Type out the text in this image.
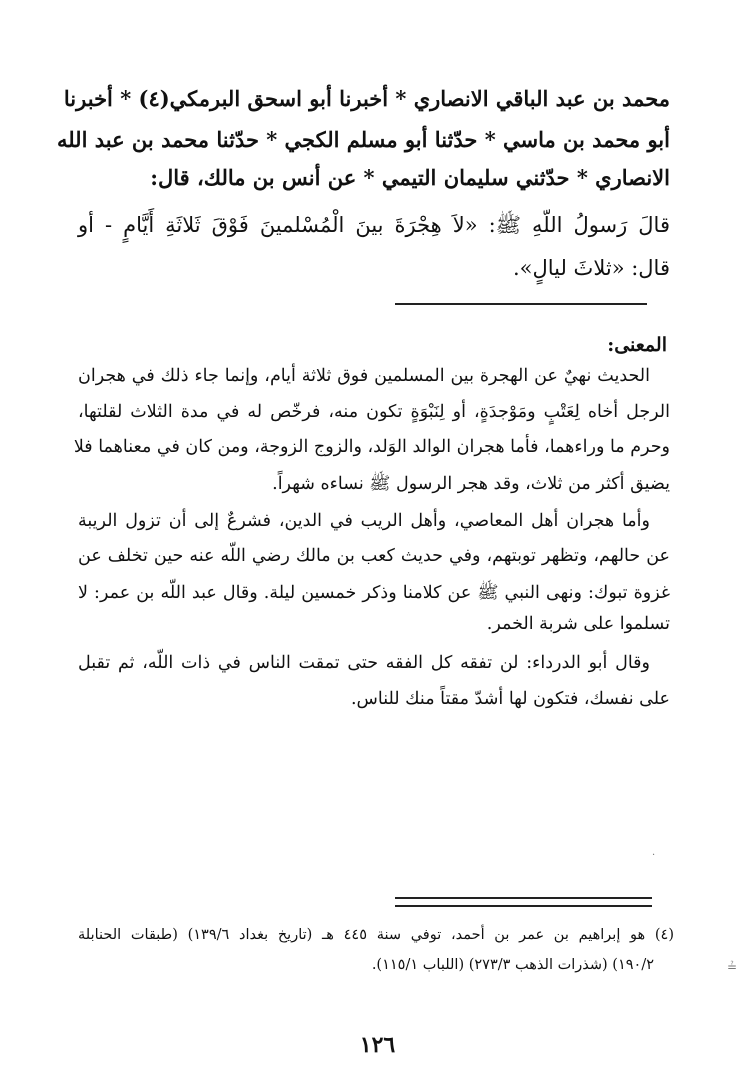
محمد بن عبد الباقي الانصاري * أخبرنا أبو اسحق البرمكي(٤) * أخبرنا
أبو محمد بن ماسي * حدّثنا أبو مسلم الكجي * حدّثنا محمد بن عبد الله
الانصاري * حدّثني سليمان التيمي * عن أنس بن مالك، قال:
قالَ رَسولُ اللّهِ ﷺ: «لاَ هِجْرَةَ بينَ الْمُسْلمينَ فَوْقَ ثَلاثَةِ أَيَّامٍ - أو
قال: «ثلاثَ ليالٍ».
المعنى:
الحديث نهيٌ عن الهجرة بين المسلمين فوق ثلاثة أيام، وإنما جاء ذلك في هجران
الرجل أخاه لِعَتْبٍ ومَوْجدَةٍ، أو لِنَبْوَةٍ تكون منه، فرخّص له في مدة الثلاث لقلتها،
وحرم ما وراءهما، فأما هجران الوالد الوَلد، والزوج الزوجة، ومن كان في معناهما فلا
يضيق أكثر من ثلاث، وقد هجر الرسول ﷺ نساءه شهراً.
وأما هجران أهل المعاصي، وأهل الريب في الدين، فشرعٌ إلى أن تزول الريبة
عن حالهم، وتظهر توبتهم، وفي حديث كعب بن مالك رضي اللّه عنه حين تخلف عن
غزوة تبوك: ونهى النبي ﷺ عن كلامنا وذكر خمسين ليلة. وقال عبد اللّه بن عمر: لا
تسلموا على شربة الخمر.
وقال أبو الدرداء: لن تفقه كل الفقه حتى تمقت الناس في ذات اللّه، ثم تقبل
على نفسك، فتكون لها أشدّ مقتاً منك للناس.
·
(٤) هو إبراهيم بن عمر بن أحمد، توفي سنة ٤٤٥ هـ (تاريخ بغداد ١٣٩/٦) (طبقات الحنابلة
١٩٠/٢) (شذرات الذهب ٢٧٣/٣) (اللباب ١١٥/١).	≟
١٢٦
